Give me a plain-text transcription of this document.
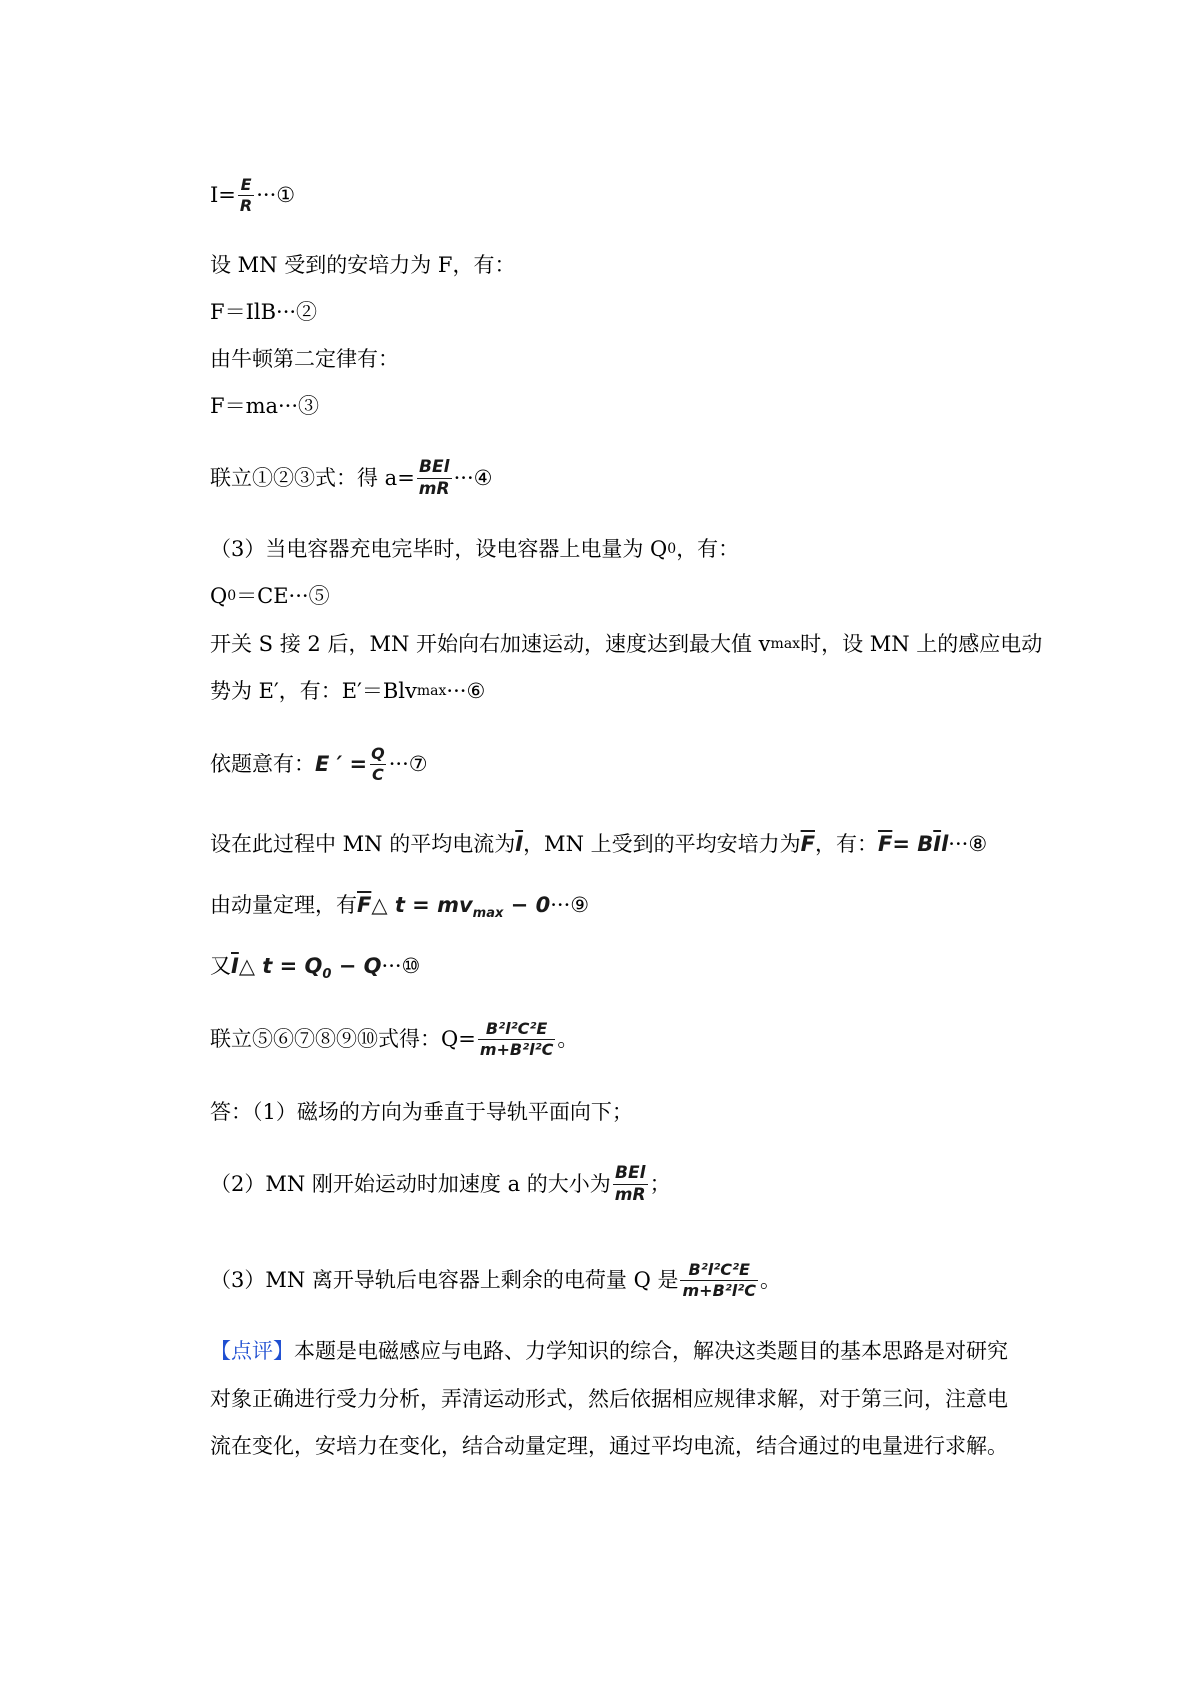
$I= \frac{E}{R}$ ···①
设 MN 受到的安培力为 F，有：
F＝IlB···②
由牛顿第二定律有：
F＝ma···③
联立①②③式：得 $a= \frac{\text{BEl}}{mR}$ ···④
（3）当电容器充电完毕时，设电容器上电量为 Q 0 ，有：
Q 0 ＝CE···⑤
开关 S 接 2 后，MN 开始向右加速运动，速度达到最大值 v max 时，设 MN 上的感应电动
势为 E′，有：E′＝Blv max ···⑥
依题意有： E ′ = $\frac{Q}{C}$ ···⑦
设在此过程中 MN 的平均电流为 $\overline{I}$ ，MN 上受到的平均安培力为 $\overline{F}$ ，有： $\overline{F} = B$ $\overline{I}$ l ···⑧
由动量定理，有 $\overline{F}$ △ $t = mv_{max} - 0$ ···⑨
又 $\overline{I}$ △ $t = Q_0 - Q$ ···⑩
联立⑤⑥⑦⑧⑨⑩式得：$Q= \frac{\text{B²l²C²E}}{\text{m+B²l²C}}$ 。
答：（1）磁场的方向为垂直于导轨平面向下；
（2）MN 刚开始运动时加速度 a 的大小为 $\frac{\text{BEl}}{mR}$ ；
（3）MN 离开导轨后电容器上剩余的电荷量 Q 是 $\frac{\text{B²l²C²E}}{\text{m+B²l²C}}$ 。
【点评】 本题是电磁感应与电路、力学知识的综合，解决这类题目的基本思路是对研究
对象正确进行受力分析，弄清运动形式，然后依据相应规律求解，对于第三问，注意电
流在变化，安培力在变化，结合动量定理，通过平均电流，结合通过的电量进行求解。
